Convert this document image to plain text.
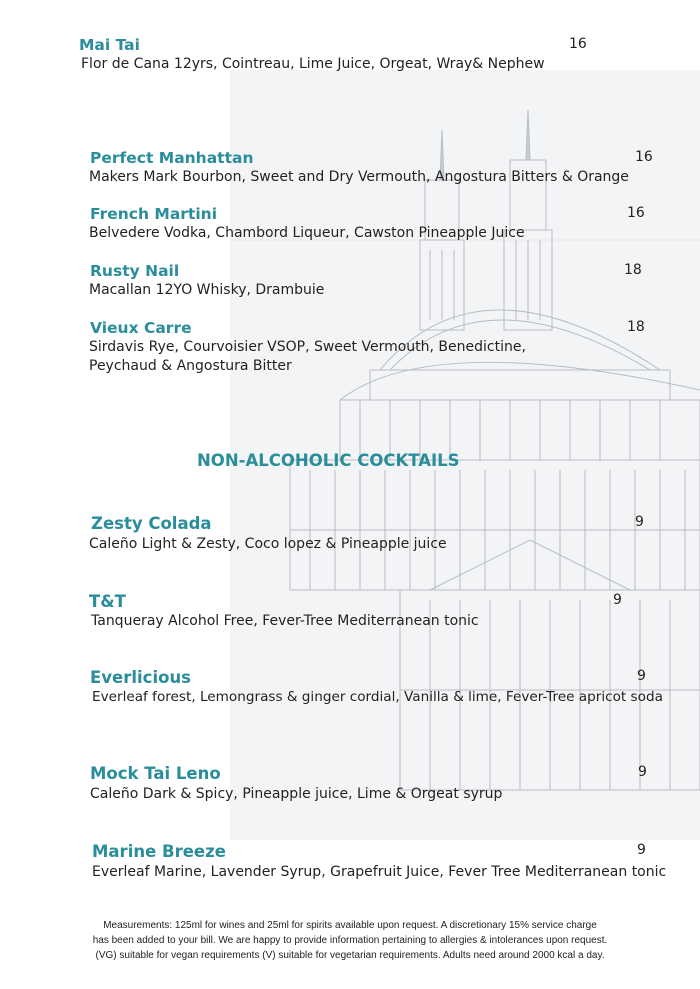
Mai Tai	16
Flor de Cana 12yrs, Cointreau, Lime Juice, Orgeat, Wray& Nephew
Perfect Manhattan	16
Makers Mark Bourbon, Sweet and Dry Vermouth, Angostura Bitters & Orange
French Martini	16
Belvedere Vodka, Chambord Liqueur, Cawston Pineapple Juice
Rusty Nail	18
Macallan 12YO Whisky, Drambuie
Vieux Carre	18
Sirdavis Rye, Courvoisier VSOP, Sweet Vermouth, Benedictine,
Peychaud & Angostura Bitter
NON-ALCOHOLIC COCKTAILS
Zesty Colada	9
Caleño Light & Zesty, Coco lopez & Pineapple juice
T&T	9
Tanqueray Alcohol Free, Fever-Tree Mediterranean tonic
Everlicious	9
Everleaf forest, Lemongrass & ginger cordial, Vanilla & lime, Fever-Tree apricot soda
Mock Tai Leno	9
Caleño Dark & Spicy, Pineapple juice, Lime & Orgeat syrup
Marine Breeze	9
Everleaf Marine, Lavender Syrup, Grapefruit Juice, Fever Tree Mediterranean tonic
Measurements: 125ml for wines and 25ml for spirits available upon request. A discretionary 15% service charge
has been added to your bill. We are happy to provide information pertaining to allergies & intolerances upon request.
(VG) suitable for vegan requirements (V) suitable for vegetarian requirements. Adults need around 2000 kcal a day.
